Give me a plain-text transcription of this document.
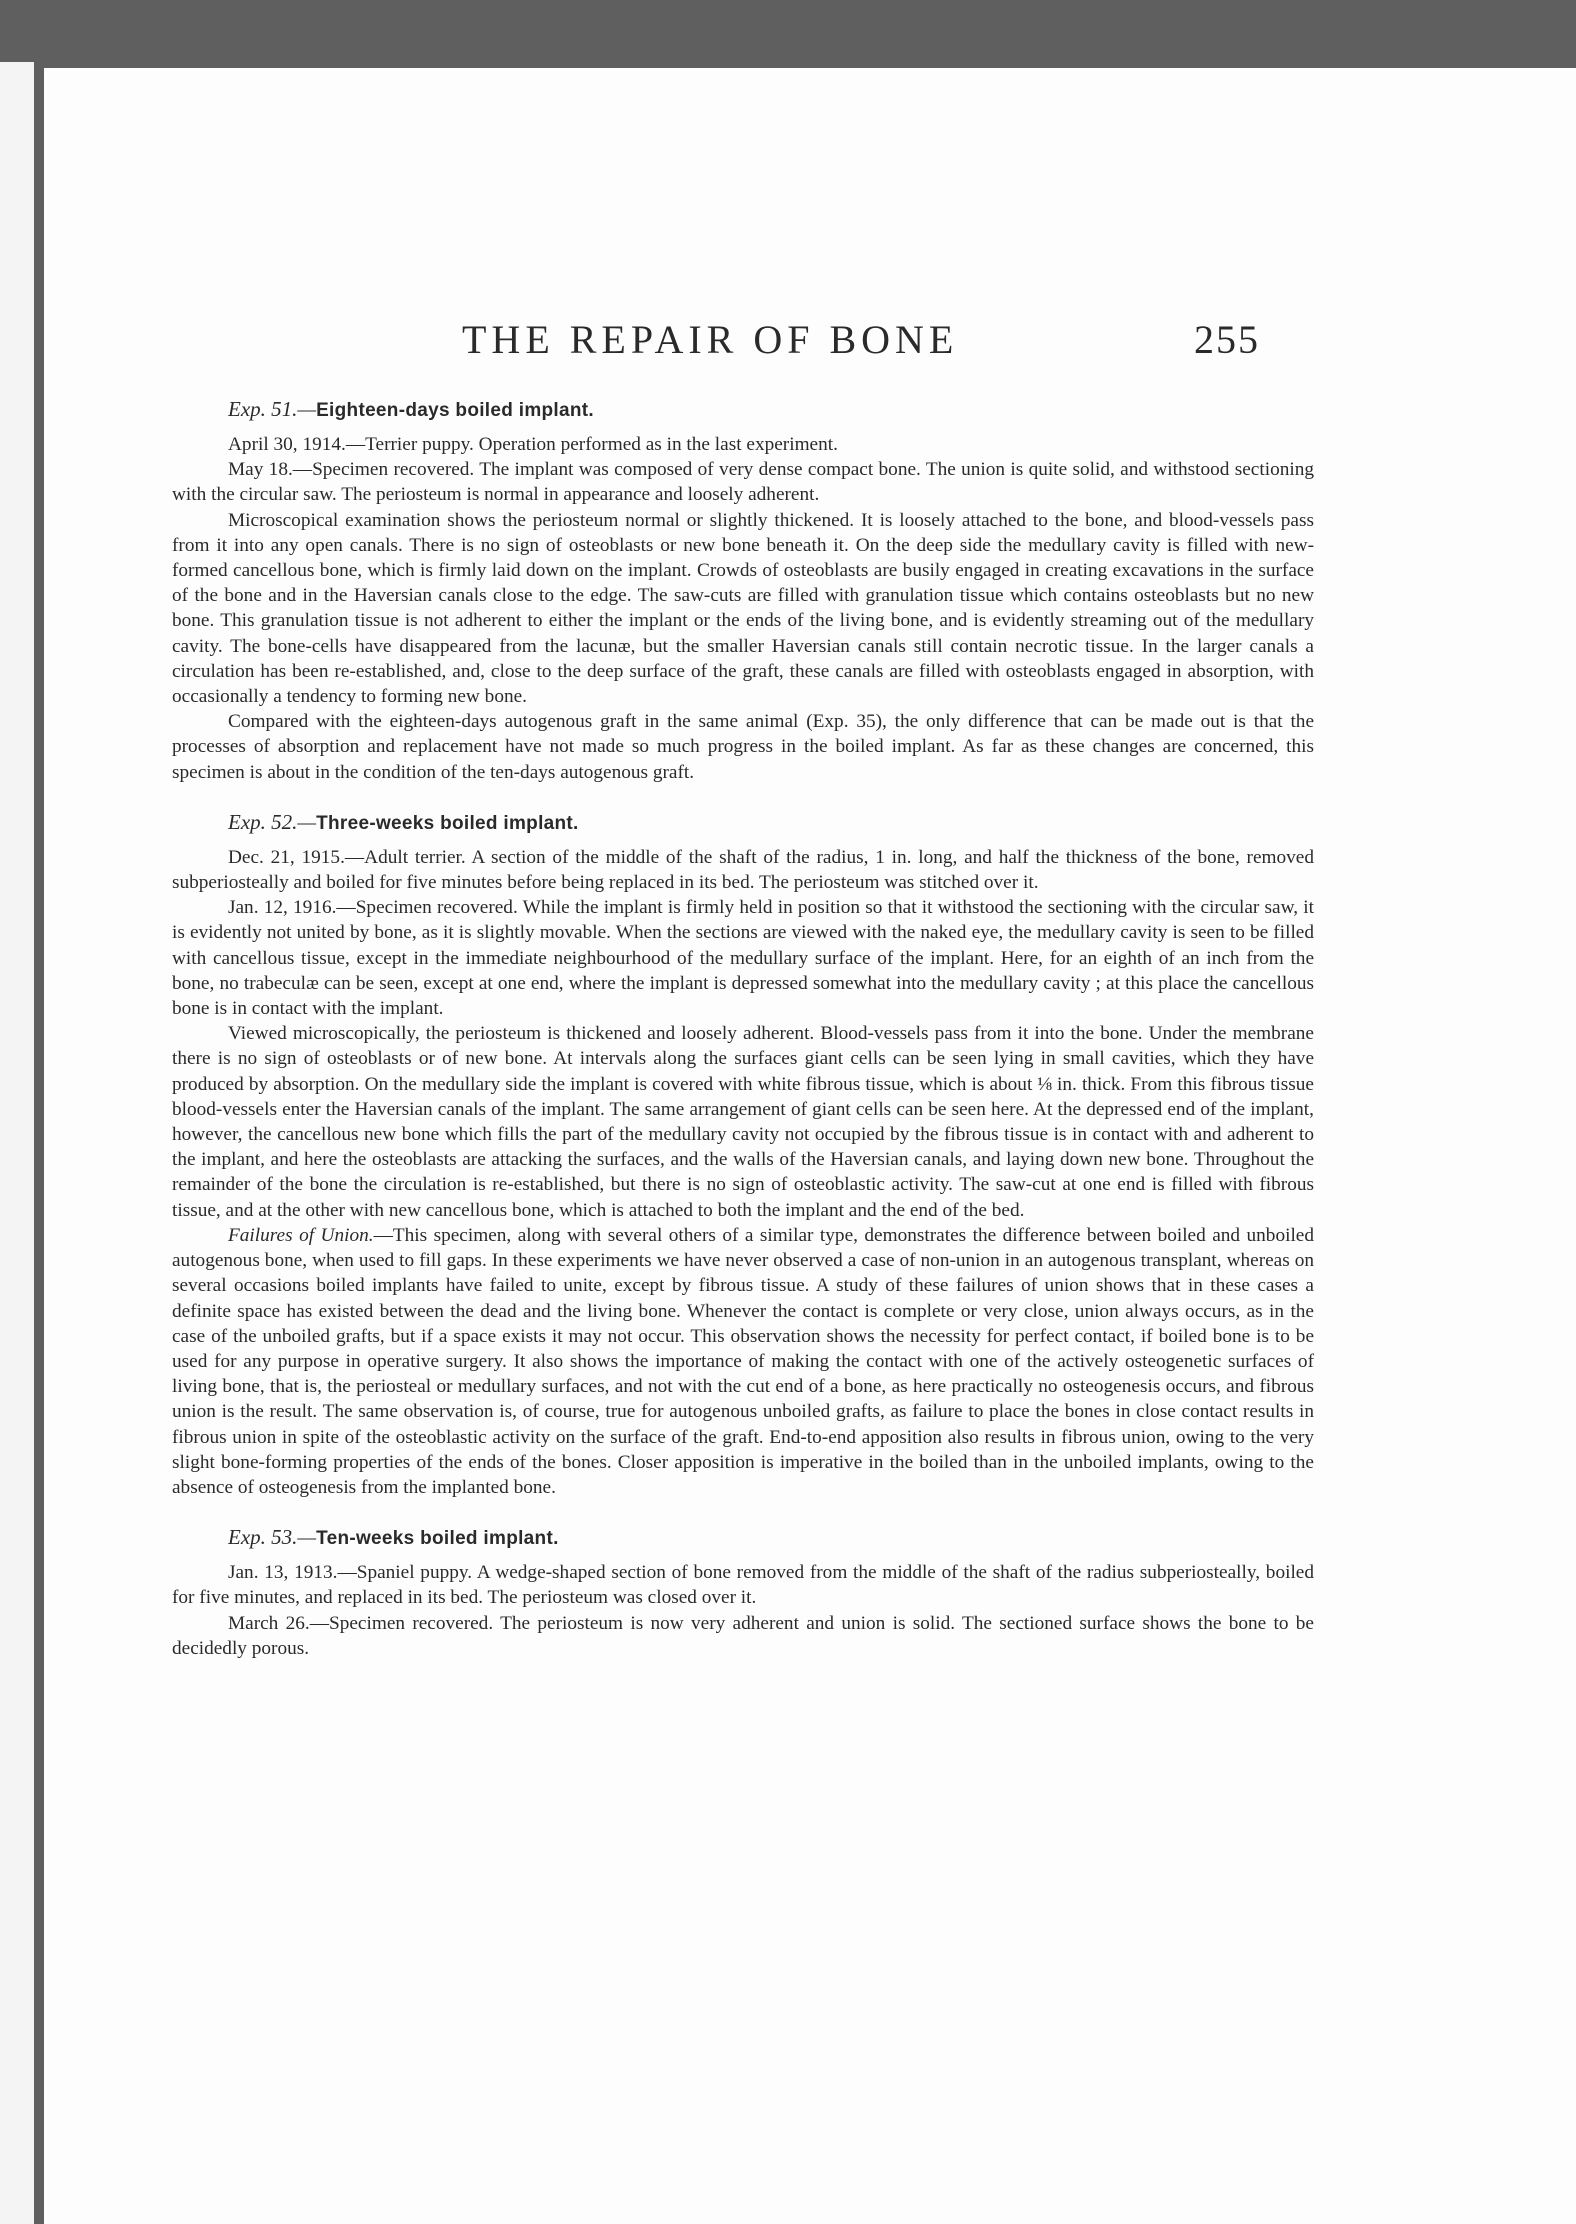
THE REPAIR OF BONE	255
Exp. 51.—Eighteen-days boiled implant.

April 30, 1914.—Terrier puppy. Operation performed as in the last experiment.

May 18.—Specimen recovered. The implant was composed of very dense compact bone. The union is quite solid, and withstood sectioning with the circular saw. The periosteum is normal in appearance and loosely adherent.

Microscopical examination shows the periosteum normal or slightly thickened. It is loosely attached to the bone, and blood-vessels pass from it into any open canals. There is no sign of osteoblasts or new bone beneath it. On the deep side the medullary cavity is filled with new-formed cancellous bone, which is firmly laid down on the implant. Crowds of osteoblasts are busily engaged in creating excavations in the surface of the bone and in the Haversian canals close to the edge. The saw-cuts are filled with granulation tissue which contains osteoblasts but no new bone. This granulation tissue is not adherent to either the implant or the ends of the living bone, and is evidently streaming out of the medullary cavity. The bone-cells have disappeared from the lacunæ, but the smaller Haversian canals still contain necrotic tissue. In the larger canals a circulation has been re-established, and, close to the deep surface of the graft, these canals are filled with osteoblasts engaged in absorption, with occasionally a tendency to forming new bone.

Compared with the eighteen-days autogenous graft in the same animal (Exp. 35), the only difference that can be made out is that the processes of absorption and replacement have not made so much progress in the boiled implant. As far as these changes are concerned, this specimen is about in the condition of the ten-days autogenous graft.

Exp. 52.—Three-weeks boiled implant.

Dec. 21, 1915.—Adult terrier. A section of the middle of the shaft of the radius, 1 in. long, and half the thickness of the bone, removed subperiosteally and boiled for five minutes before being replaced in its bed. The periosteum was stitched over it.

Jan. 12, 1916.—Specimen recovered. While the implant is firmly held in position so that it withstood the sectioning with the circular saw, it is evidently not united by bone, as it is slightly movable. When the sections are viewed with the naked eye, the medullary cavity is seen to be filled with cancellous tissue, except in the immediate neighbourhood of the medullary surface of the implant. Here, for an eighth of an inch from the bone, no trabeculæ can be seen, except at one end, where the implant is depressed somewhat into the medullary cavity ; at this place the cancellous bone is in contact with the implant.

Viewed microscopically, the periosteum is thickened and loosely adherent. Blood-vessels pass from it into the bone. Under the membrane there is no sign of osteoblasts or of new bone. At intervals along the surfaces giant cells can be seen lying in small cavities, which they have produced by absorption. On the medullary side the implant is covered with white fibrous tissue, which is about ⅛ in. thick. From this fibrous tissue blood-vessels enter the Haversian canals of the implant. The same arrangement of giant cells can be seen here. At the depressed end of the implant, however, the cancellous new bone which fills the part of the medullary cavity not occupied by the fibrous tissue is in contact with and adherent to the implant, and here the osteoblasts are attacking the surfaces, and the walls of the Haversian canals, and laying down new bone. Throughout the remainder of the bone the circulation is re-established, but there is no sign of osteoblastic activity. The saw-cut at one end is filled with fibrous tissue, and at the other with new cancellous bone, which is attached to both the implant and the end of the bed.

Failures of Union.—This specimen, along with several others of a similar type, demonstrates the difference between boiled and unboiled autogenous bone, when used to fill gaps. In these experiments we have never observed a case of non-union in an autogenous transplant, whereas on several occasions boiled implants have failed to unite, except by fibrous tissue. A study of these failures of union shows that in these cases a definite space has existed between the dead and the living bone. Whenever the contact is complete or very close, union always occurs, as in the case of the unboiled grafts, but if a space exists it may not occur. This observation shows the necessity for perfect contact, if boiled bone is to be used for any purpose in operative surgery. It also shows the importance of making the contact with one of the actively osteogenetic surfaces of living bone, that is, the periosteal or medullary surfaces, and not with the cut end of a bone, as here practically no osteogenesis occurs, and fibrous union is the result. The same observation is, of course, true for autogenous unboiled grafts, as failure to place the bones in close contact results in fibrous union in spite of the osteoblastic activity on the surface of the graft. End-to-end apposition also results in fibrous union, owing to the very slight bone-forming properties of the ends of the bones. Closer apposition is imperative in the boiled than in the unboiled implants, owing to the absence of osteogenesis from the implanted bone.

Exp. 53.—Ten-weeks boiled implant.

Jan. 13, 1913.—Spaniel puppy. A wedge-shaped section of bone removed from the middle of the shaft of the radius subperiosteally, boiled for five minutes, and replaced in its bed. The periosteum was closed over it.

March 26.—Specimen recovered. The periosteum is now very adherent and union is solid. The sectioned surface shows the bone to be decidedly porous.
